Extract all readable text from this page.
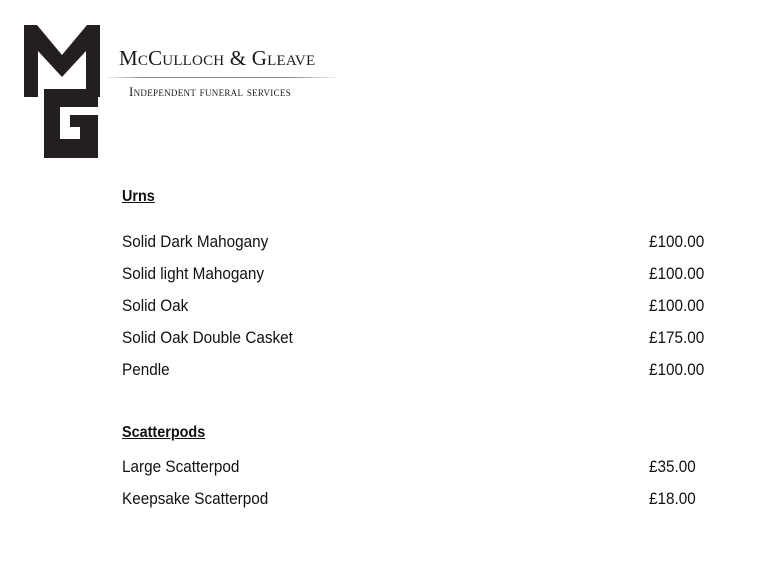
McCulloch & Gleave
Independent funeral services
Urns
Solid Dark Mahogany	£100.00
Solid light Mahogany	£100.00
Solid Oak	£100.00
Solid Oak Double Casket	£175.00
Pendle	£100.00
Scatterpods
Large Scatterpod	£35.00
Keepsake Scatterpod	£18.00
